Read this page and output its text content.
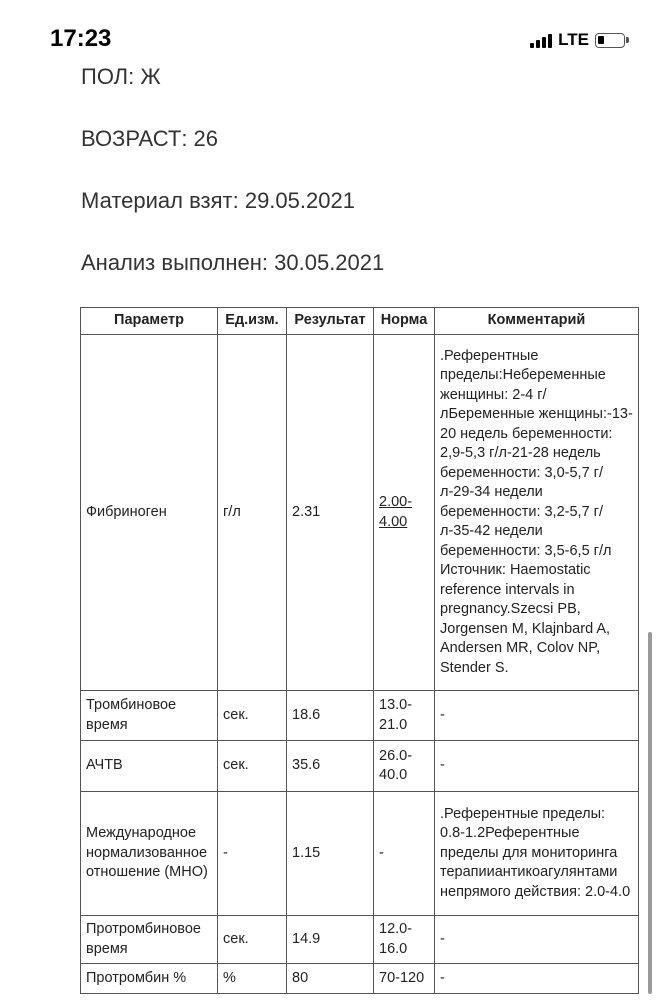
17:23	LTE
ПОЛ: Ж
ВОЗРАСТ: 26
Материал взят: 29.05.2021
Анализ выполнен: 30.05.2021
Параметр	Ед.изм.	Результат	Норма	Комментарий
Фибриноген	г/л	2.31	2.00-4.00	.Референтные пределы:Небеременные женщины: 2-4 г/лБеременные женщины:-13-20 недель беременности: 2,9-5,3 г/л-21-28 недель беременности: 3,0-5,7 г/л-29-34 недели беременности: 3,2-5,7 г/л-35-42 недели беременности: 3,5-6,5 г/л Источник: Haemostatic reference intervals in pregnancy.Szecsi PB, Jorgensen M, Klajnbard A, Andersen MR, Colov NP, Stender S.
Тромбиновое время	сек.	18.6	13.0-21.0	-
АЧТВ	сек.	35.6	26.0-40.0	-
Международное нормализованное отношение (МНО)	-	1.15	-	.Референтные пределы: 0.8-1.2Референтные пределы для мониторинга терапииантикоагулянтами непрямого действия: 2.0-4.0
Протромбиновое время	сек.	14.9	12.0-16.0	-
Протромбин %	%	80	70-120	-
